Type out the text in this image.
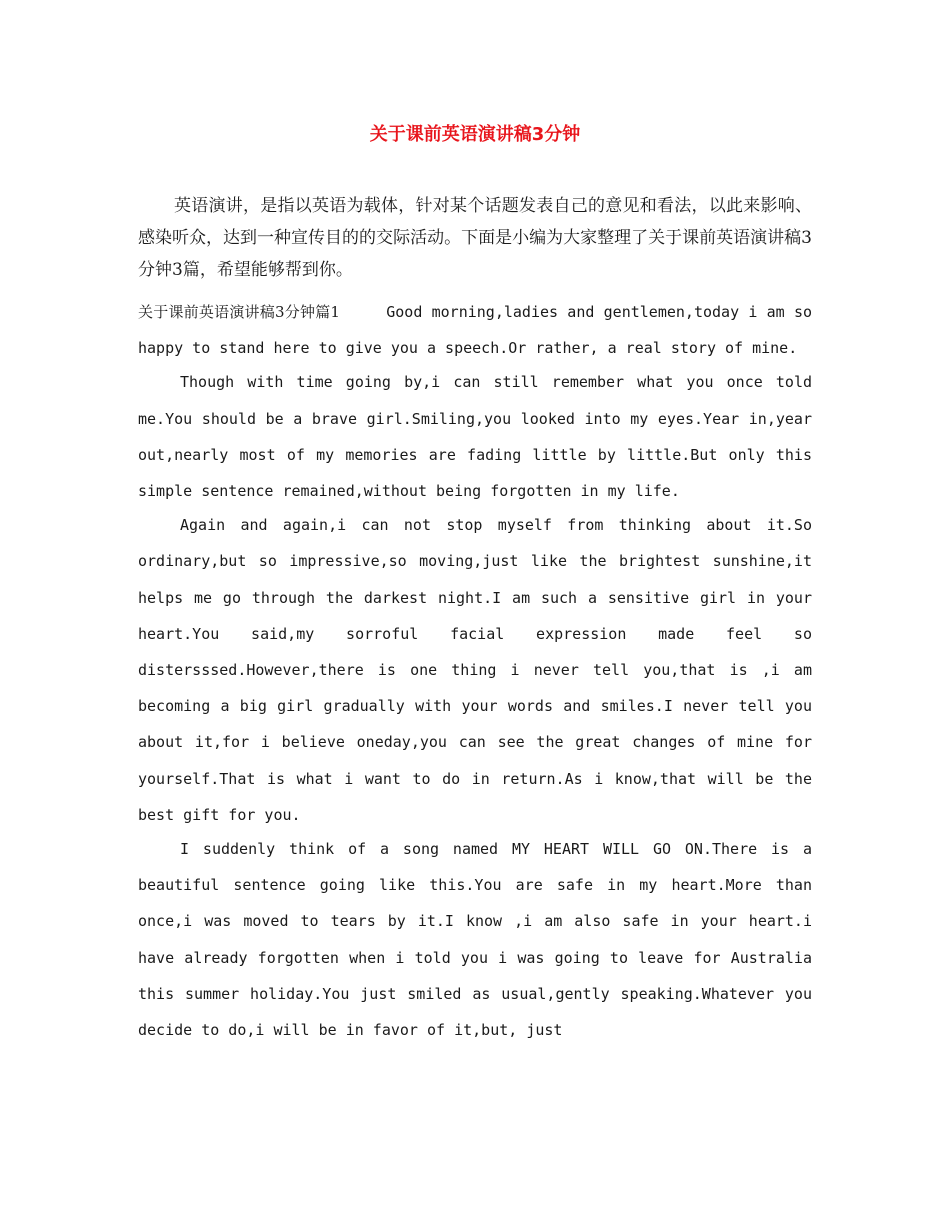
关于课前英语演讲稿3分钟

英语演讲，是指以英语为载体，针对某个话题发表自己的意见和看法，以此来影响、感染听众，达到一种宣传目的的交际活动。下面是小编为大家整理了关于课前英语演讲稿3分钟3篇，希望能够帮到你。

关于课前英语演讲稿3分钟篇1	Good morning,ladies and gentlemen,today i am so happy to stand here to give you a speech.Or rather, a real story of mine.

Though with time going by,i can still remember what you once told me.You should be a brave girl.Smiling,you looked into my eyes.Year in,year out,nearly most of my memories are fading little by little.But only this simple sentence remained,without being forgotten in my life.

Again and again,i can not stop myself from thinking about it.So ordinary,but so impressive,so moving,just like the brightest sunshine,it helps me go through the darkest night.I am such a sensitive girl in your heart.You said,my sorroful facial expression made feel so distersssed.However,there is one thing i never tell you,that is ,i am becoming a big girl gradually with your words and smiles.I never tell you about it,for i believe oneday,you can see the great changes of mine for yourself.That is what i want to do in return.As i know,that will be the best gift for you.

I suddenly think of a song named MY HEART WILL GO ON.There is a beautiful sentence going like this.You are safe in my heart.More than once,i was moved to tears by it.I know ,i am also safe in your heart.i have already forgotten when i told you i was going to leave for Australia this summer holiday.You just smiled as usual,gently speaking.Whatever you decide to do,i will be in favor of it,but, just
